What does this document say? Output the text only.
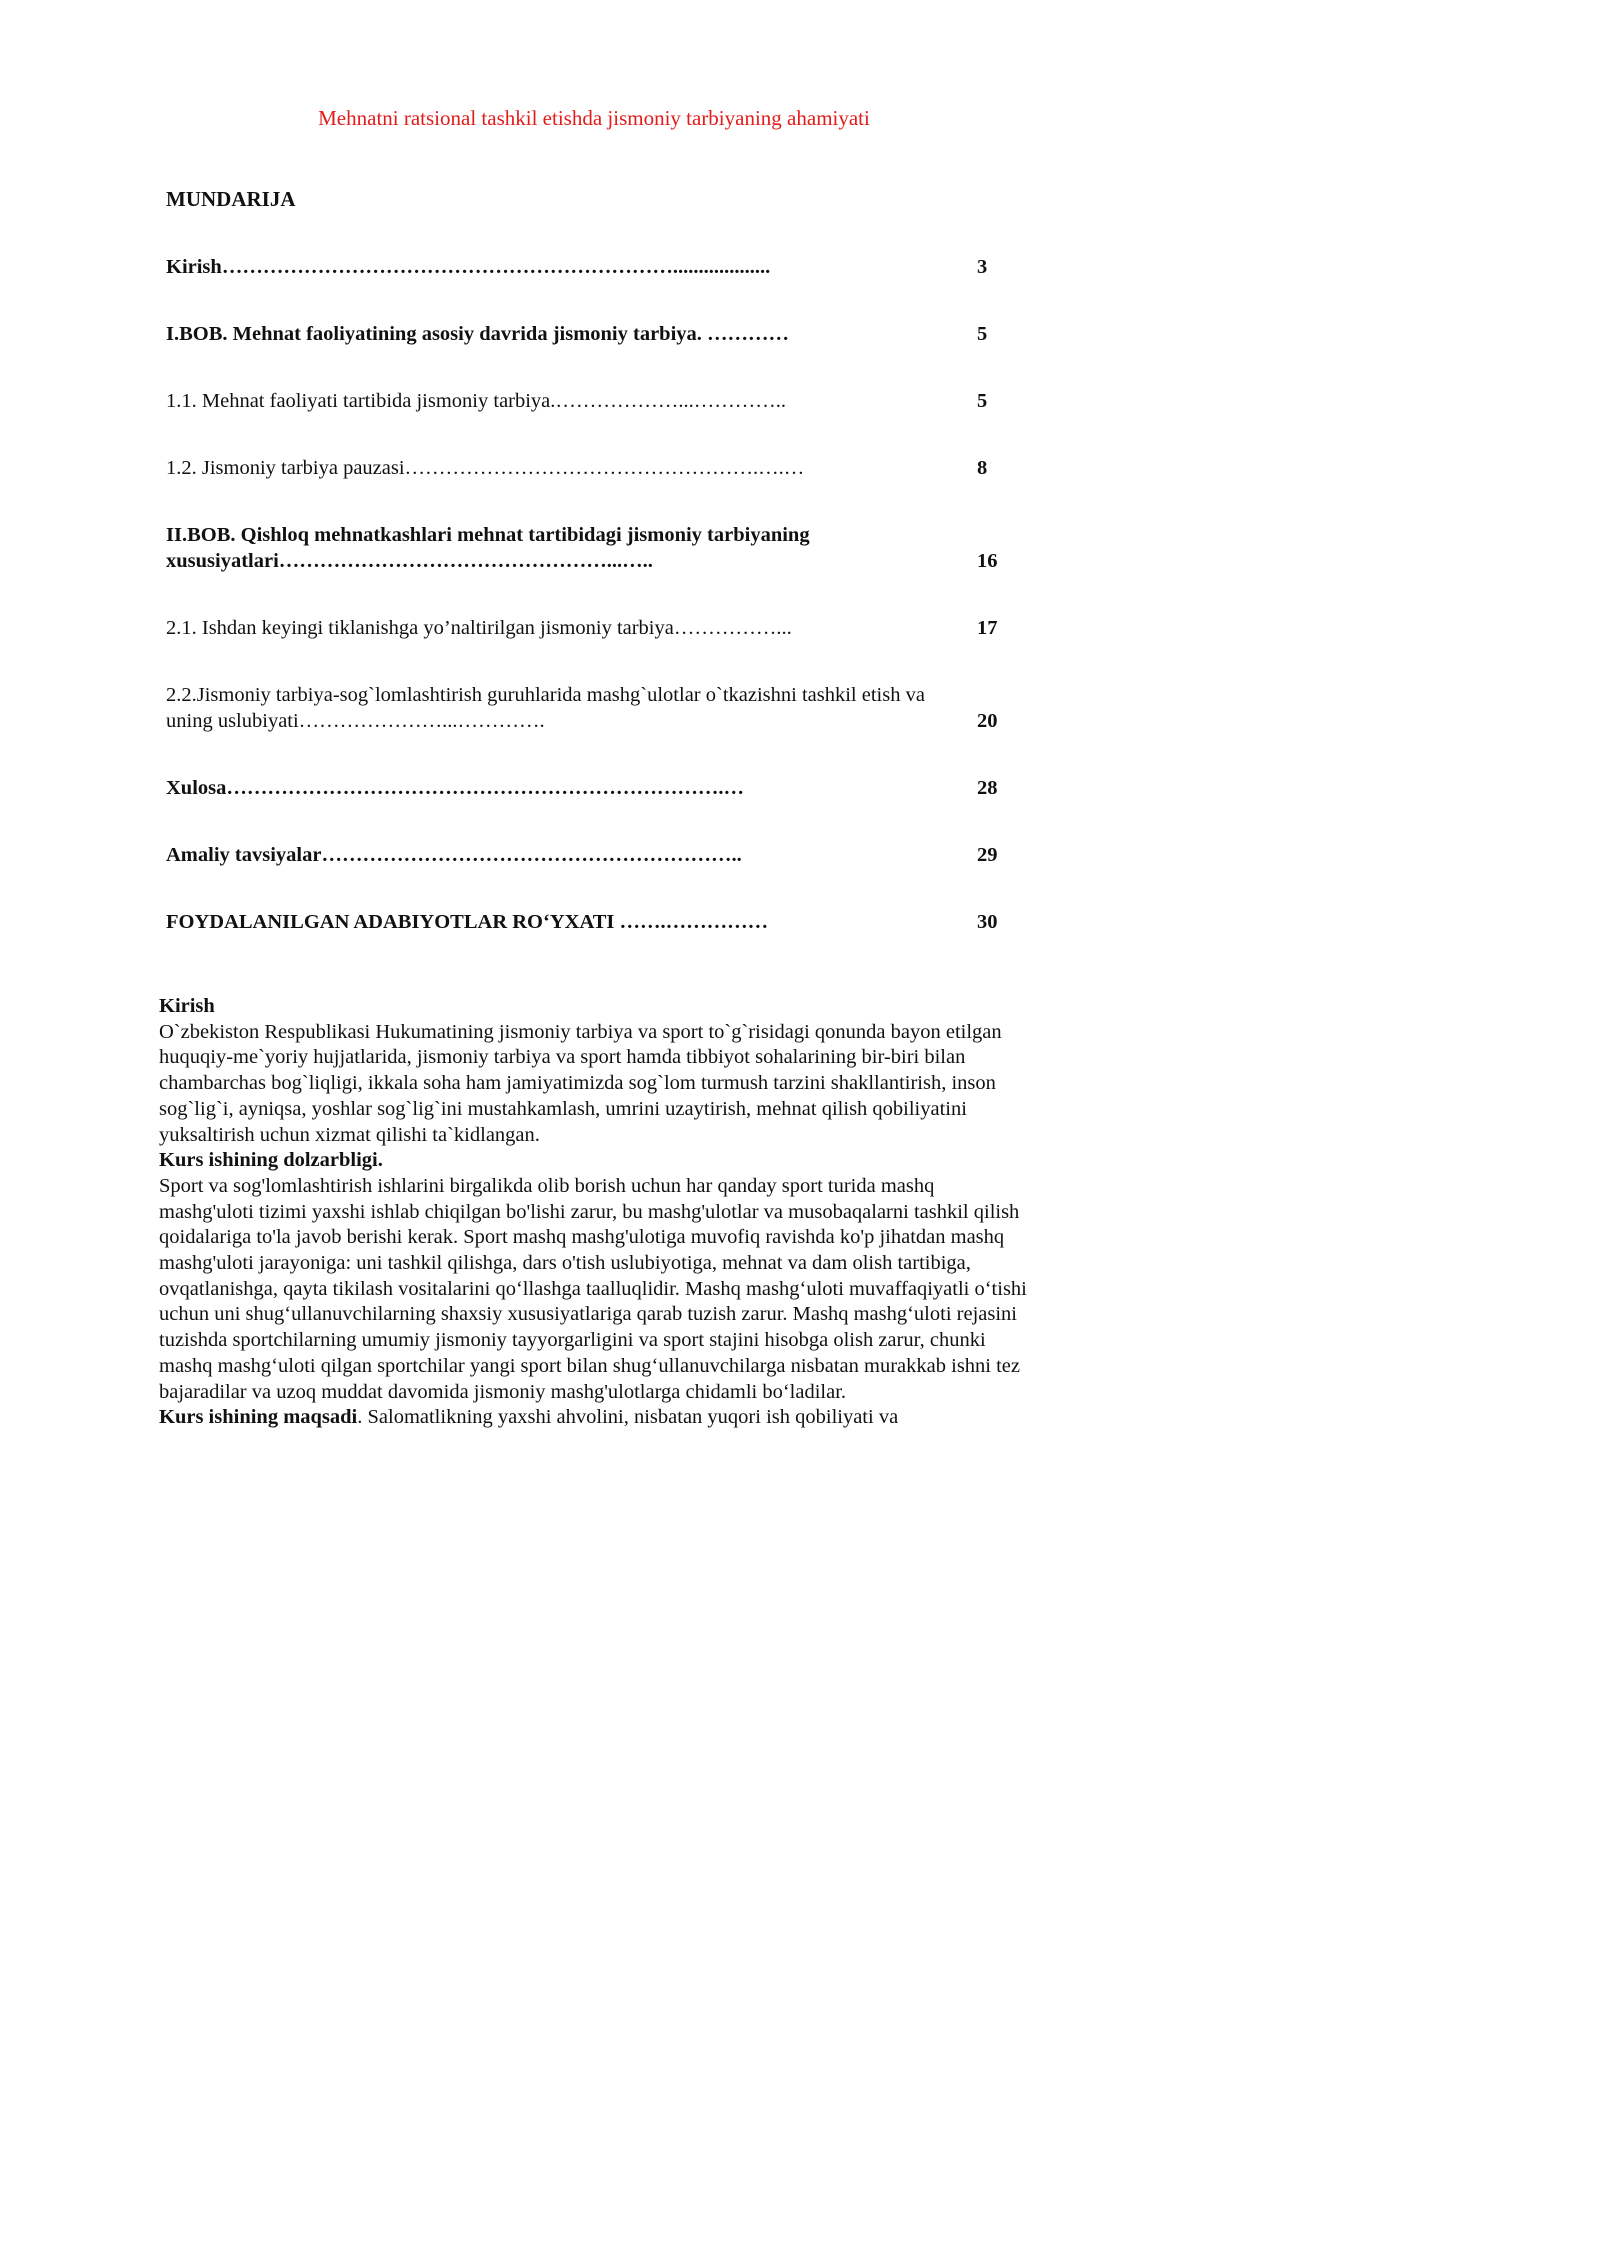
Mehnatni ratsional tashkil etishda jismoniy tarbiyaning ahamiyati
MUNDARIJA
Kirish…………………………………………………………...................	3
I.BOB. Mehnat faoliyatining asosiy davrida jismoniy tarbiya. …………	5
1.1. Mehnat faoliyati tartibida jismoniy tarbiya.………………...…………..	5
1.2. Jismoniy tarbiya pauzasi…………………………………………….….…	8
II.BOB. Qishloq mehnatkashlari mehnat tartibidagi jismoniy tarbiyaning xususiyatlari…………………………………………...…..	16
2.1. Ishdan keyingi tiklanishga yo’naltirilgan jismoniy tarbiya……………...	17
2.2.Jismoniy tarbiya-sog`lomlashtirish guruhlarida mashg`ulotlar o`tkazishni tashkil etish va uning uslubiyati…………………...………….	20
Xulosa……………………………………………………………….…	28
Amaliy tavsiyalar……………………………………………………..	29
FOYDALANILGAN ADABIYOTLAR RO‘YXATI …….……………	30

Kirish

O`zbekiston Respublikasi Hukumatining jismoniy tarbiya va sport to`g`risidagi qonunda bayon etilgan huquqiy-me`yoriy hujjatlarida, jismoniy tarbiya va sport hamda tibbiyot sohalarining bir-biri bilan chambarchas bog`liqligi, ikkala soha ham jamiyatimizda sog`lom turmush tarzini shakllantirish, inson sog`lig`i, ayniqsa, yoshlar sog`lig`ini mustahkamlash, umrini uzaytirish, mehnat qilish qobiliyatini yuksaltirish uchun xizmat qilishi ta`kidlangan.

Kurs ishining dolzarbligi.

Sport va sog'lomlashtirish ishlarini birgalikda olib borish uchun har qanday sport turida mashq mashg'uloti tizimi yaxshi ishlab chiqilgan bo'lishi zarur, bu mashg'ulotlar va musobaqalarni tashkil qilish qoidalariga to'la javob berishi kerak. Sport mashq mashg'ulotiga muvofiq ravishda ko'p jihatdan mashq mashg'uloti jarayoniga: uni tashkil qilishga, dars o'tish uslubiyotiga, mehnat va dam olish tartibiga, ovqatlanishga, qayta tikilash vositalarini qo‘llashga taalluqlidir. Mashq mashg‘uloti muvaffaqiyatli o‘tishi uchun uni shug‘ullanuvchilarning shaxsiy xususiyatlariga qarab tuzish zarur. Mashq mashg‘uloti rejasini tuzishda sportchilarning umumiy jismoniy tayyorgarligini va sport stajini hisobga olish zarur, chunki mashq mashg‘uloti qilgan sportchilar yangi sport bilan shug‘ullanuvchilarga nisbatan murakkab ishni tez bajaradilar va uzoq muddat davomida jismoniy mashg'ulotlarga chidamli bo‘ladilar.

Kurs ishining maqsadi. Salomatlikning yaxshi ahvolini, nisbatan yuqori ish qobiliyati va
